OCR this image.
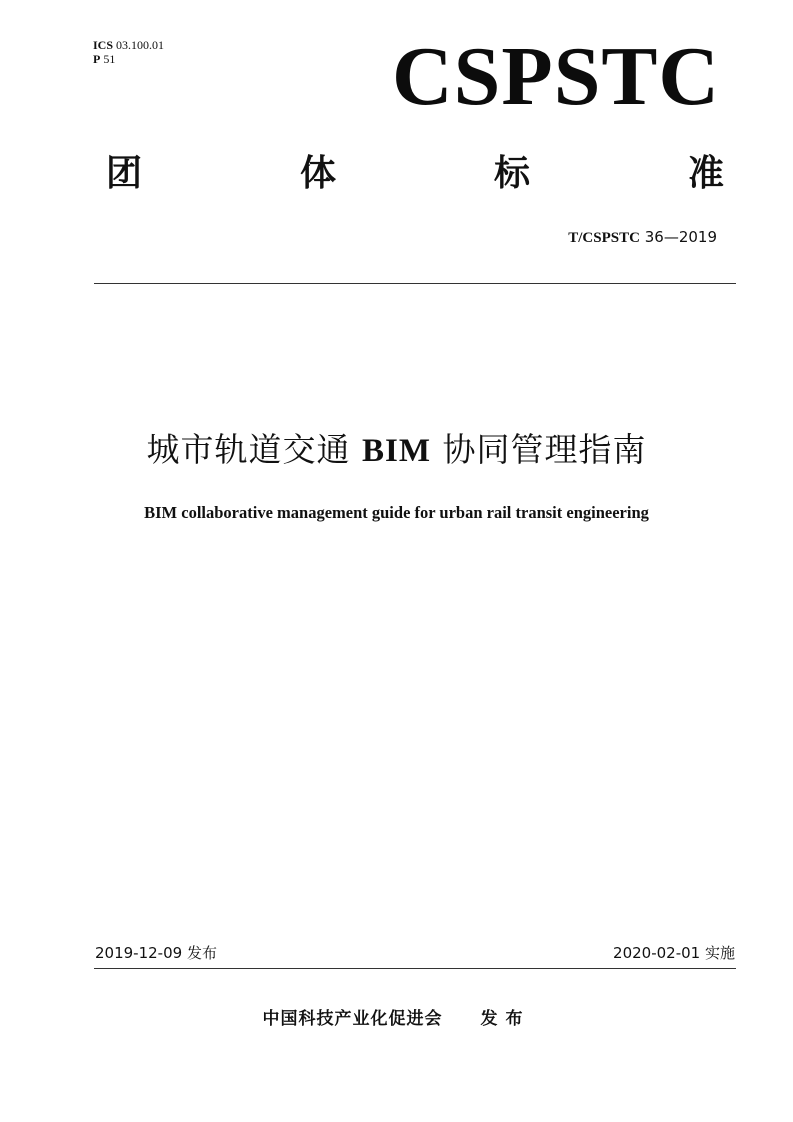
ICS 03.100.01
P 51	CSPSTC
团	体	标	准
T/CSPSTC 36—2019
城市轨道交通 BIM 协同管理指南
BIM collaborative management guide for urban rail transit engineering
2019-12-09 发布	2020-02-01 实施
中国科技产业化促进会 发布
